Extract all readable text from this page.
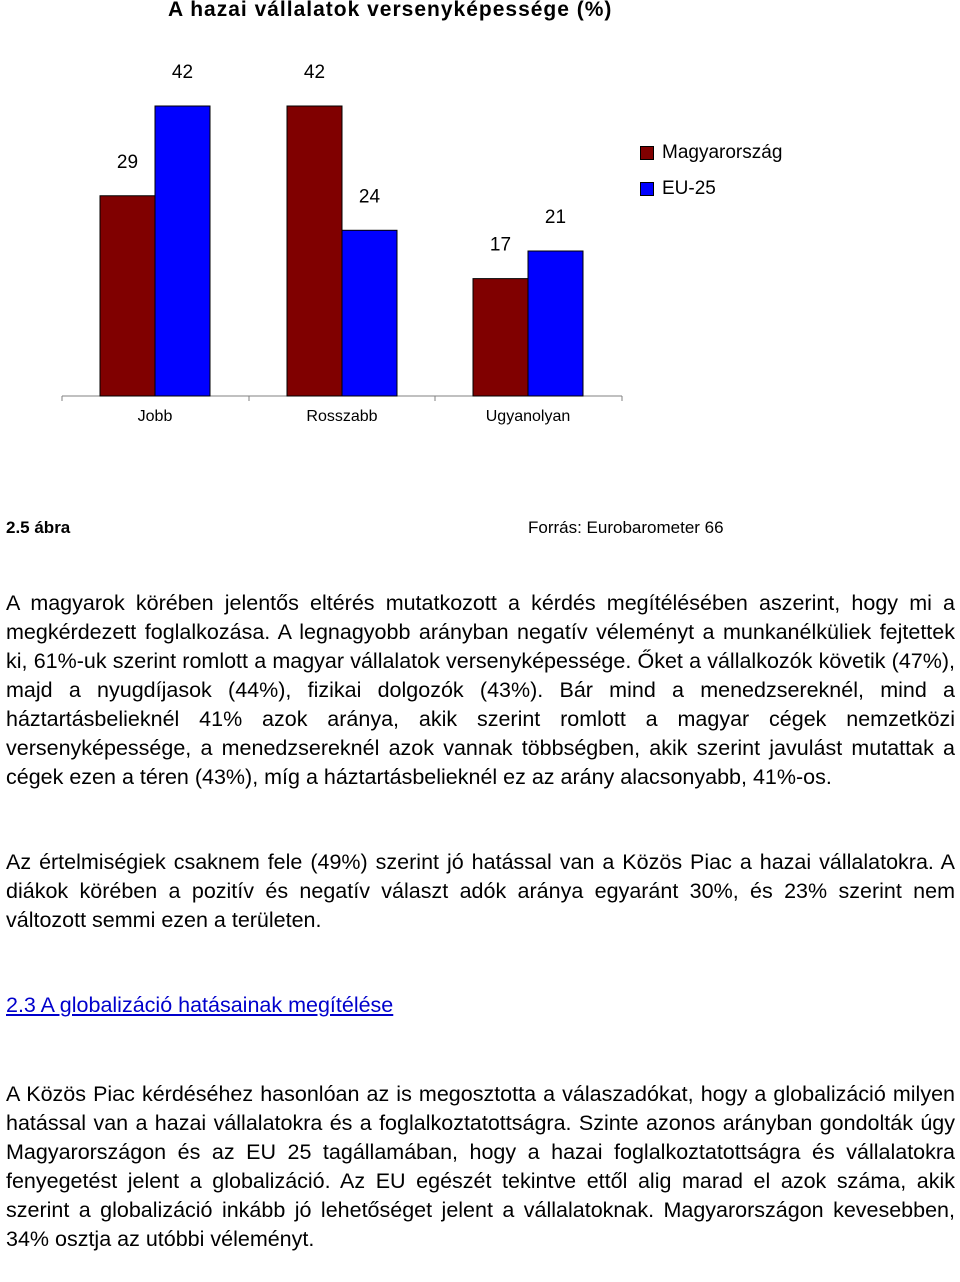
A hazai vállalatok versenyképessége (%)
29
42
Jobb
42
24
Rosszabb
17
21
Ugyanolyan
Magyarország
EU-25
2.5 ábra	Forrás: Eurobarometer 66
A magyarok körében jelentős eltérés mutatkozott a kérdés megítélésében aszerint, hogy mi a megkérdezett foglalkozása. A legnagyobb arányban negatív véleményt a munkanélküliek fejtettek ki, 61%-uk szerint romlott a magyar vállalatok versenyképessége. Őket a vállalkozók követik (47%), majd a nyugdíjasok (44%), fizikai dolgozók (43%). Bár mind a menedzsereknél, mind a háztartásbelieknél 41% azok aránya, akik szerint romlott a magyar cégek nemzetközi versenyképessége, a menedzsereknél azok vannak többségben, akik szerint javulást mutattak a cégek ezen a téren (43%), míg a háztartásbelieknél ez az arány alacsonyabb, 41%-os.
Az értelmiségiek csaknem fele (49%) szerint jó hatással van a Közös Piac a hazai vállalatokra. A diákok körében a pozitív és negatív választ adók aránya egyaránt 30%, és 23% szerint nem változott semmi ezen a területen.
2.3 A globalizáció hatásainak megítélése
A Közös Piac kérdéséhez hasonlóan az is megosztotta a válaszadókat, hogy a globalizáció milyen hatással van a hazai vállalatokra és a foglalkoztatottságra. Szinte azonos arányban gondolták úgy Magyarországon és az EU 25 tagállamában, hogy a hazai foglalkoztatottságra és vállalatokra fenyegetést jelent a globalizáció. Az EU egészét tekintve ettől alig marad el azok száma, akik szerint a globalizáció inkább jó lehetőséget jelent a vállalatoknak. Magyarországon kevesebben, 34% osztja az utóbbi véleményt.
